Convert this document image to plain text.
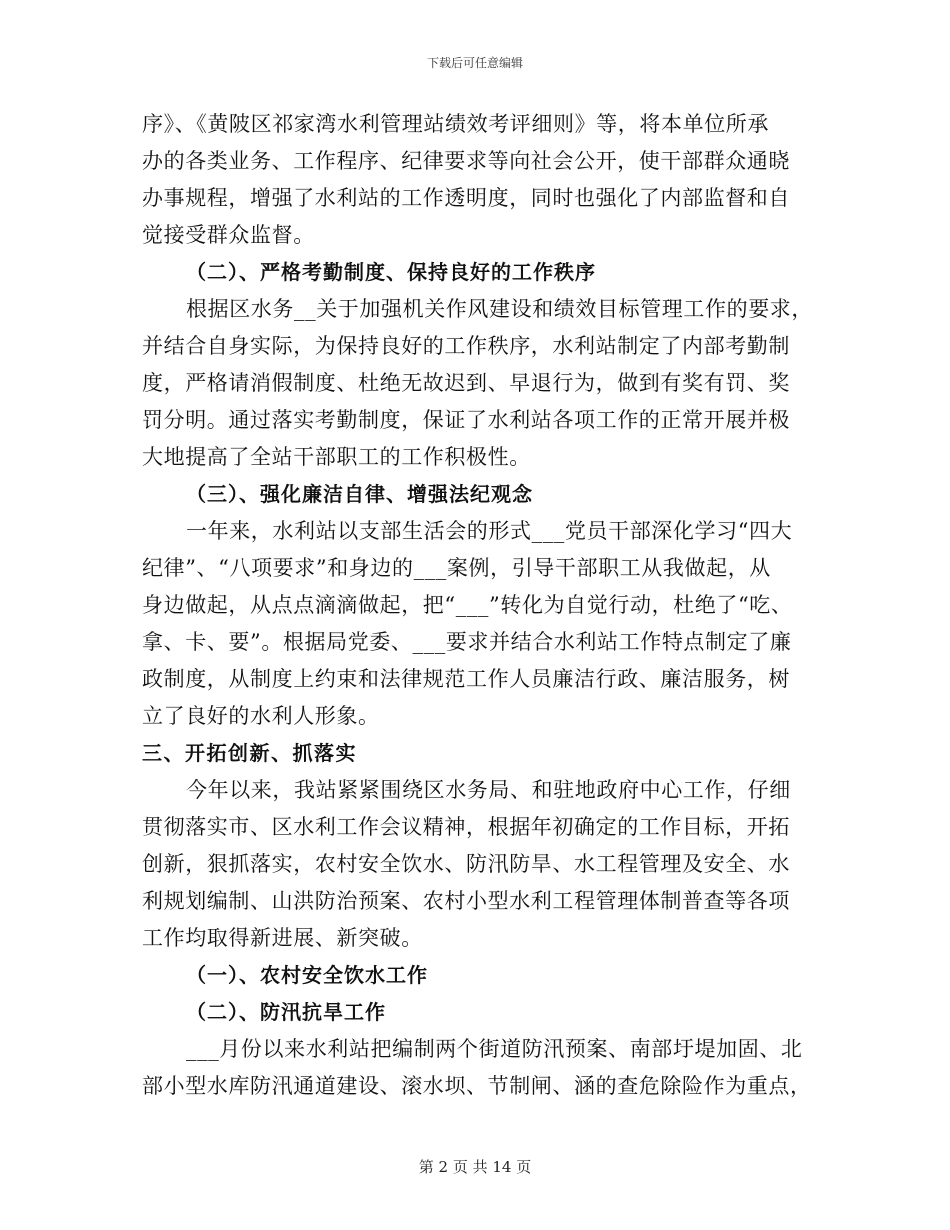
下载后可任意编辑
序》、《黄陂区祁家湾水利管理站绩效考评细则》等，将本单位所承
办的各类业务、工作程序、纪律要求等向社会公开，使干部群众通晓
办事规程，增强了水利站的工作透明度，同时也强化了内部监督和自
觉接受群众监督。
（二）、严格考勤制度、保持良好的工作秩序
根据区水务__关于加强机关作风建设和绩效目标管理工作的要求，
并结合自身实际，为保持良好的工作秩序，水利站制定了内部考勤制
度，严格请消假制度、杜绝无故迟到、早退行为，做到有奖有罚、奖
罚分明。通过落实考勤制度，保证了水利站各项工作的正常开展并极
大地提高了全站干部职工的工作积极性。
（三）、强化廉洁自律、增强法纪观念
一年来，水利站以支部生活会的形式___党员干部深化学习“四大
纪律”、“八项要求”和身边的___案例，引导干部职工从我做起，从
身边做起，从点点滴滴做起，把“___”转化为自觉行动，杜绝了“吃、
拿、卡、要”。根据局党委、___要求并结合水利站工作特点制定了廉
政制度，从制度上约束和法律规范工作人员廉洁行政、廉洁服务，树
立了良好的水利人形象。
三、开拓创新、抓落实
今年以来，我站紧紧围绕区水务局、和驻地政府中心工作，仔细
贯彻落实市、区水利工作会议精神，根据年初确定的工作目标，开拓
创新，狠抓落实，农村安全饮水、防汛防旱、水工程管理及安全、水
利规划编制、山洪防治预案、农村小型水利工程管理体制普查等各项
工作均取得新进展、新突破。
（一）、农村安全饮水工作
（二）、防汛抗旱工作
___月份以来水利站把编制两个街道防汛预案、南部圩堤加固、北
部小型水库防汛通道建设、滚水坝、节制闸、涵的查危除险作为重点，
第 2 页 共 14 页
